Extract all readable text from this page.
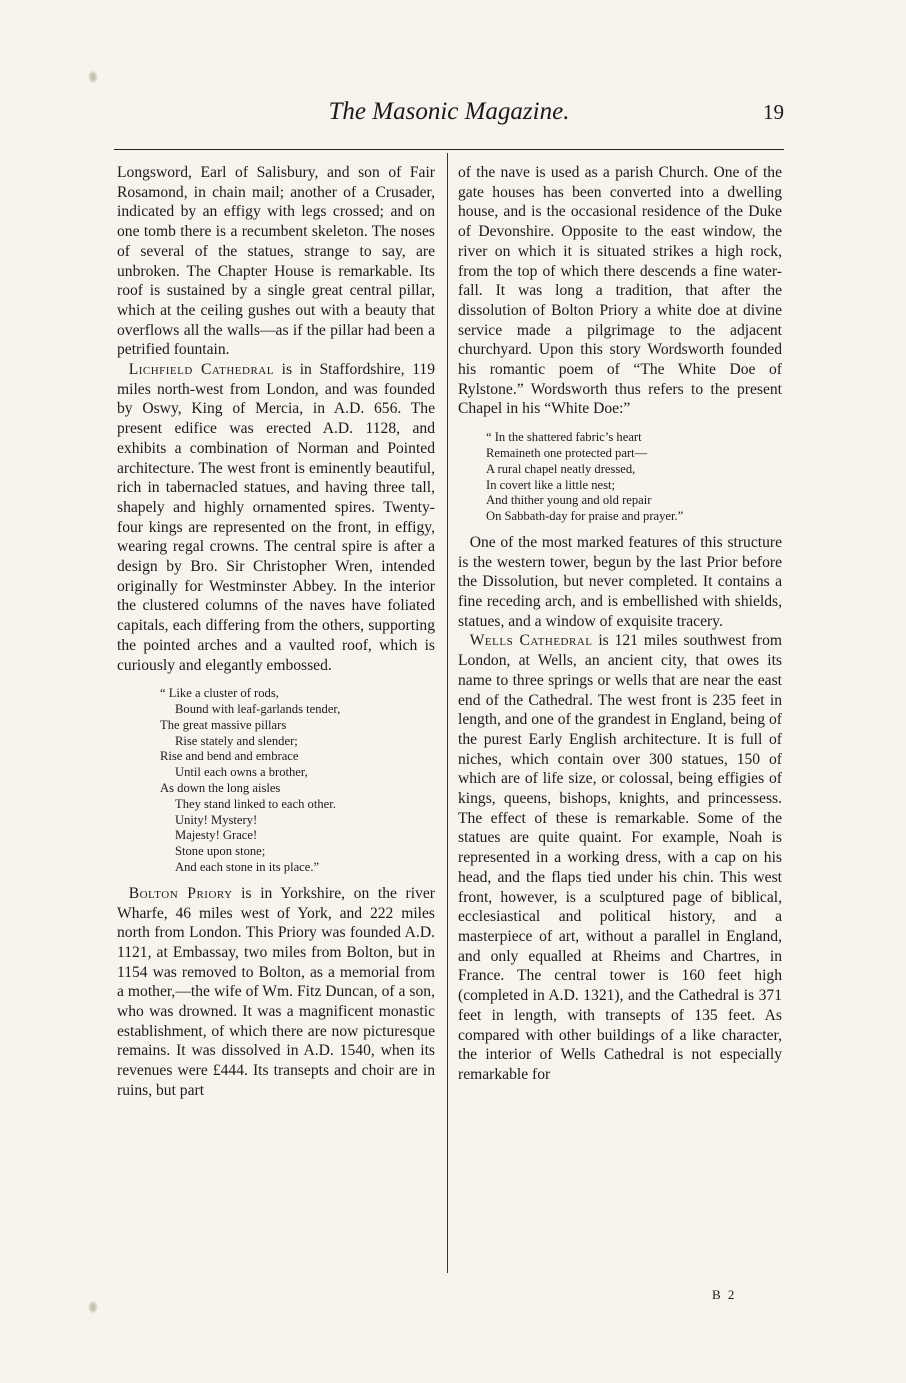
The Masonic Magazine.	19

Longsword, Earl of Salisbury, and son of Fair Rosamond, in chain mail; another of a Crusader, indicated by an effigy with legs crossed; and on one tomb there is a recumbent skeleton. The noses of several of the statues, strange to say, are unbroken. The Chapter House is remarkable. Its roof is sustained by a single great central pillar, which at the ceiling gushes out with a beauty that overflows all the walls—as if the pillar had been a petrified fountain.

Lichfield Cathedral is in Staffordshire, 119 miles north-west from London, and was founded by Oswy, King of Mercia, in A.D. 656. The present edifice was erected A.D. 1128, and exhibits a combination of Norman and Pointed architecture. The west front is eminently beautiful, rich in tabernacled statues, and having three tall, shapely and highly ornamented spires. Twenty-four kings are represented on the front, in effigy, wearing regal crowns. The central spire is after a design by Bro. Sir Christopher Wren, intended originally for Westminster Abbey. In the interior the clustered columns of the naves have foliated capitals, each differing from the others, supporting the pointed arches and a vaulted roof, which is curiously and elegantly embossed.

“ Like a cluster of rods,
Bound with leaf-garlands tender,
The great massive pillars
Rise stately and slender;
Rise and bend and embrace
Until each owns a brother,
As down the long aisles
They stand linked to each other.
Unity! Mystery!
Majesty! Grace!
Stone upon stone;
And each stone in its place.”

Bolton Priory is in Yorkshire, on the river Wharfe, 46 miles west of York, and 222 miles north from London. This Priory was founded A.D. 1121, at Embassay, two miles from Bolton, but in 1154 was removed to Bolton, as a memorial from a mother,—the wife of Wm. Fitz Duncan, of a son, who was drowned. It was a magnificent monastic establishment, of which there are now picturesque remains. It was dissolved in A.D. 1540, when its revenues were £444. Its transepts and choir are in ruins, but part

of the nave is used as a parish Church. One of the gate houses has been converted into a dwelling house, and is the occasional residence of the Duke of Devonshire. Opposite to the east window, the river on which it is situated strikes a high rock, from the top of which there descends a fine water-fall. It was long a tradition, that after the dissolution of Bolton Priory a white doe at divine service made a pilgrimage to the adjacent churchyard. Upon this story Wordsworth founded his romantic poem of “The White Doe of Rylstone.” Wordsworth thus refers to the present Chapel in his “White Doe:”

“ In the shattered fabric’s heart
Remaineth one protected part—
A rural chapel neatly dressed,
In covert like a little nest;
And thither young and old repair
On Sabbath-day for praise and prayer.”

One of the most marked features of this structure is the western tower, begun by the last Prior before the Dissolution, but never completed. It contains a fine receding arch, and is embellished with shields, statues, and a window of exquisite tracery.

Wells Cathedral is 121 miles southwest from London, at Wells, an ancient city, that owes its name to three springs or wells that are near the east end of the Cathedral. The west front is 235 feet in length, and one of the grandest in England, being of the purest Early English architecture. It is full of niches, which contain over 300 statues, 150 of which are of life size, or colossal, being effigies of kings, queens, bishops, knights, and princessess. The effect of these is remarkable. Some of the statues are quite quaint. For example, Noah is represented in a working dress, with a cap on his head, and the flaps tied under his chin. This west front, however, is a sculptured page of biblical, ecclesiastical and political history, and a masterpiece of art, without a parallel in England, and only equalled at Rheims and Chartres, in France. The central tower is 160 feet high (completed in A.D. 1321), and the Cathedral is 371 feet in length, with transepts of 135 feet. As compared with other buildings of a like character, the interior of Wells Cathedral is not especially remarkable for

B 2
